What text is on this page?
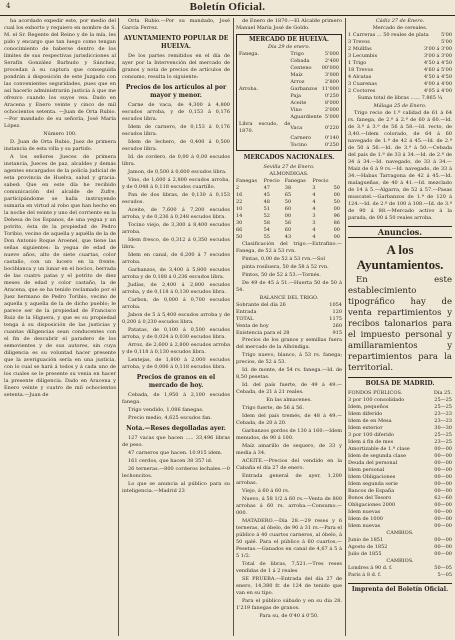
4	Boletín Oficial.

ha acordado expedir este, por medio del cual los exhorto y requiero en nombre de S. M. el Sr. Regente del Reino y de la mía, les pido y encargo que tan luego como tengan conocimiento de haberse dentro de los límites de sus respectivas jurisdicciones al Serafín González Barbudo y Sánchez, procedan á su captura que conseguida pondrán á disposición de este Juzgado con las convenientes seguridades, pues que en así hacerlo administrarán justicia á que me ofrezco cuando los suyos vea. Dado en Aracena y Enero veinte y cinco de mil ochocientos setenta. —Juan de Orta Rubio.—Por mandado de su señoría, José María López.

Número 100.

D. Juan de Orta Rubio, Juez de primera instancia de esta villa y su partido.

A los señores Jueces de primera instancia, Jueces de paz, alcaldes y demás agentes encargados de la policía judicial de esta provincia de Huelva, salud y gracia: sabed: Que en este día he recibido comunicación del alcalde de Zufre, participándome se halla instruyendo sumaria en virtud al robo que han hecho en la noche del veinte y uno del corriente en la Dehesa de los Espanos, de una yegua y un potrito, ésta de la propiedad de Pedro Toribio, vecino de aquella y aquélla de la de Don Antonio Roque Aroenel, que tiene las señas siguientes: la yegua de edad de nueve años, alto de siete cuartas, color castaño, con un lucero en la frente, bociblanca y un lunar en el hocico, herrada de las cuatro patas y el potrito de diez meses de edad y color castaño, la de Aracena, que se ha tenido reclamado por el Juez hermano de Pedro Toribio, vecino de aquella y aquella de la de dicho pueblo; le parece ser de la propiedad de Francisco Ruiz de la Higuera, y que es su propiedad tenga á su disposición de las justicias y cuantas diligencias sean conducentes con el fin de descubrir el paradero de los semovientes y de sus autores, sin cuya diligencia es su voluntad hacer presente que la averiguación sería en una justicia, con lo cual se hará á todos y á cada uno de los cuales se le presente su venia en hacer la presente diligencia. Dado en Aracena y Enero veinte y cuatro de mil ochocientos setenta.—Juan de

Orta Rubio.—Por su mandado, José García Ferrez.

AYUNTAMIENTO POPULAR DE HUELVA.

De los partes remitidos en el día de ayer por la Intervención del mercado de granos y nota de precios de artículos de consumo, resulta lo siguiente:

Precios de los artículos al por mayor y menor.

Carne de vaca, de 4,300 á 4,800 escudos arroba, y de 0,153 á 0,176 escudos libra.

Idem de carnero, de 0,153 á 0,176 escudos libra.

Idem de lechero, de 0,400 á 0,500 escudos libra.

Id. de cordero, de 0,00 á 0,00 escudos libra.

Jamon, de 0,500 á 0,600 escudos libra.

Vino, de 1,600 á 2,800 escudos arroba, y de 0,048 á 0,118 escudos cuartillo.

Pan de dos libras, de 0,130 á 0,153 escudos.

Aceite, de 7,600 á 7,200 escudos arroba, y de 0,236 á 0,248 escudos libra.

Tocino viejo, de 3,300 á 8,400 escudos arroba.

Idem fresco, de 0,312 á 0,350 escudos libra.

Idem en canal, de 6,200 á 7 escudos arroba.

Garbanzos, de 3,400 á 5,800 escudos arroba y de 0,188 á 0,236 escudos libra.

Judías, de 2,400 á 2,800 escudos arroba, y de 0,118 á 0,130 escudos libra.

Carbon, de 0,000 á 0,700 escudos arroba.

Jabon de 5 á 5,400 escudos arroba y de 0,200 á 0,230 escudos libra.

Patatas, de 0,100 á 0,500 escudos arroba, y de 0,024 á 0,030 escudos libra.

Arroz, de 2,600 á 2,800 escudos arroba y de 0,118 á 0,130 escudos libra.

Lentejas, de 1,800 á 2,000 escudos arroba, y de 0,006 á 0,118 escudos libra.

Precios de granos en el mercado de hoy.

Cebada, de 1,950 á 2,100 escudos fanega.

Trigo vendido, 1,086 fanegas.

Precio medio, 4,625 escudos fan.

Nota.—Reses degolladas ayer.

127 vacas que hacen ..... 33,496 libras de peso.

47 carneros que hacen. 10.915 idem.

161 cerdos, que hacen 38 357 id.

26 terneras.—800 corderos lechales.—0 lechoncitos.

Lo que se anuncia al público para su inteligencia.—Madrid 23

de Enero de 1870.—El Alcalde primero Manuel María José de Goldo.

MERCADO DE HUELVA.
Día 29 de enero.
Fanega.	Trigo	5'000
	Cebada	2'400
	Centeno	00'000
	Maíz	3'000
	Arroz	2'800
Arroba.	Garbanzos	11'000
	Paja	0'250
	Aceite	8'000
	Vino	2'000
	Aguardiente	5'000
Libra escudo, de 1870.	Vaca	0'220
	Carnero	0'140
	Tocino	0'250
MERCADOS NACIONALES.
Sevilla 27 de Enero.
ALMONDIGAS.
Fanegas	Precio	Fanegas	Precio	
2	47	38	3	50
16	45	65	4	00
22	48	50	4	50
10	51	60	4	00
14	52	00	3	96
30	58	56	3	86
66	54	60	4	00
50	55	43	4	00

Clasificación del trigo.—Extrafino.—Fanega, de 52 á 53 rvn.

Pintas, 0,00 de 52 á 53 rvn.—Sol

pinta rosiluera, 50 de 58 á 52 rvn.

Pintos, 50 de 52 á 53.—Tornés.

De 49 de 45 á 51.—Huerta 50 de 50 á 54.

BALANCE DEL TRIGO.
Sobrante del día 26	1054
Entrada	120
TOTAL	1175
Venta de hoy	260
Existencia para el 28	915

Precios de los granos y semillas fuera del mercado de la Alhóndiga.

Trigo nuevo, blanco, á 53 rs. fanega; precios, de 52 á 53.

Id. de monte, de 54 rs. fanega.—Id. de 8,50 pesetas.

Id. del país fuerte, de 49 á 49.—Cebada, de 21 á 21 reales.

En las almacenes.

Trigo fuerte, de 56 á 56.

Idem del país tremés, de 48 á 49.—Cebada, de 20 á 20.

Garbanzos gordos de 130 á 160.—Idem menudos, de 90 á 100.

Maíz amarillo de sequero, de 33 y media á 34.

ACEITE.—Precios del vendido en la Cabaña el día 27 de enero.

Entrada general de ayer, 1,200 arrobas.

Viejo, á 60 á 60 rs.

Nuevo, á 58 1/2 á 60 rs.—Venta de 800 arrobas á 60 rs. arroba.—Consumo.—000.

MATADERO.—Día 28.—29 reses y 6 terneras, al óbelo, de 90 á 31 rs.—Para el público á 40 cuartos carneros, al óbelo, á 50 qalé. Para el público á 60 cuartos.—Pesetas.—Ganados en canal de 4,67 á 5 á 5 1/2.

Total de libras, 7,521.—Tres reses vendidas de 1 á 2 reales

SE PRUEBA.—Entrada del día 27 de enero, 14,380 fr. de 124 de tenido que van en su tipo.

Para el público sábado y en su dia 28. 1'219 fanegas de granos.

Para su, de 0'40 á 0'50.

Cádiz 27 de Enero.
Mercado de cereales.
1 Carreras ... 50 reales de plata 5'00
3 Trevos	5'00
2 Mullfas	3'00 á 3'00
3 Lecumbis	3'00 á 3'00
1 Trigo	4'50 á 4'50
18 Trevos	4'60 á 5'00
4 Alcatas	4'50 á 4'50
3 Cuarenas	4'00 á 4'00
2 Coctores	4'05 á 4'00

Suma total de libras ...... 7.865 ¼

Málaga 25 de Enero.

Trigo recio de 1.ª calidad de 61 á 64 rs. fanega, de 2.ª á 2.ª de 60 á 60.—Id. de 3.ª á 3.ª de 56 á 58.—Id. recto, de 3,40.—Idem colorado, de 64 á 60 navegado de 1.ª de 42 á 45.—Id. de 2.ª de 50 á 56.—Id. de 3.ª á 50.—Cebada del país de 1.ª de 33 á 34.—Id. de 2.ª de 34 á 34.—Id. navegado, de 33 á 34.—Maíz de 6 á 9 rs.—Id. navegado, de 33 á 34.—Habas Tarragona de 42 á 45.—Id. malagueñas, de 40 á 41.—Id. mezclado de 14 á 5.—Algarra, de 52 á 57.—Pasas muscatel.—Garbanzos de 1.ª de 120 á 124.—Id. de 2.ª de 100 á 108.—Id. de 3.ª de 90 á 88.—Mercado activo á la parada, de 00 á 50 reales arroba.

Anuncios.
A los Ayuntamientos.

En este establecimiento tipográfico hay de venta repartimientos y recibos talonarios para el impuesto personal y amillaramientos y repartimientos para la territorial.

BOLSA DE MADRID.
FONDOS PÚBLICOS.	Día 25.
3 por 100 consolidado	25—25
Idem, pequeños	25—25
Idem diferido	23—23
Idem de en Mesa	23—23
Idem exterior	30—30
3 por 100 diferido	25—25
Idem á fin de mes	23—25
Amortizable de 1.ª clase	00—00
Idem de segunda clase	00—00
Deuda del personal	00—00
Idem personal	00—00
Idem Obligaciones	00—00
Idem segunda serie	00—00
Bancos de España	00—00
Bonos del Tesoro	62—60
Obligaciones 2000	00—00
Idem nuevas	00—00
Idem de 1000	00—00
Idem nuevas	00—00
CAMBIOS.
Junio de 1851	00—00
Agosto de 1852	00—00
Julio de 1855	00—00
CAMBIOS.
Londres á 90 d. f.	50—05
París á 8 d. f.	5—05
Imprenta del Boletín Oficial.
